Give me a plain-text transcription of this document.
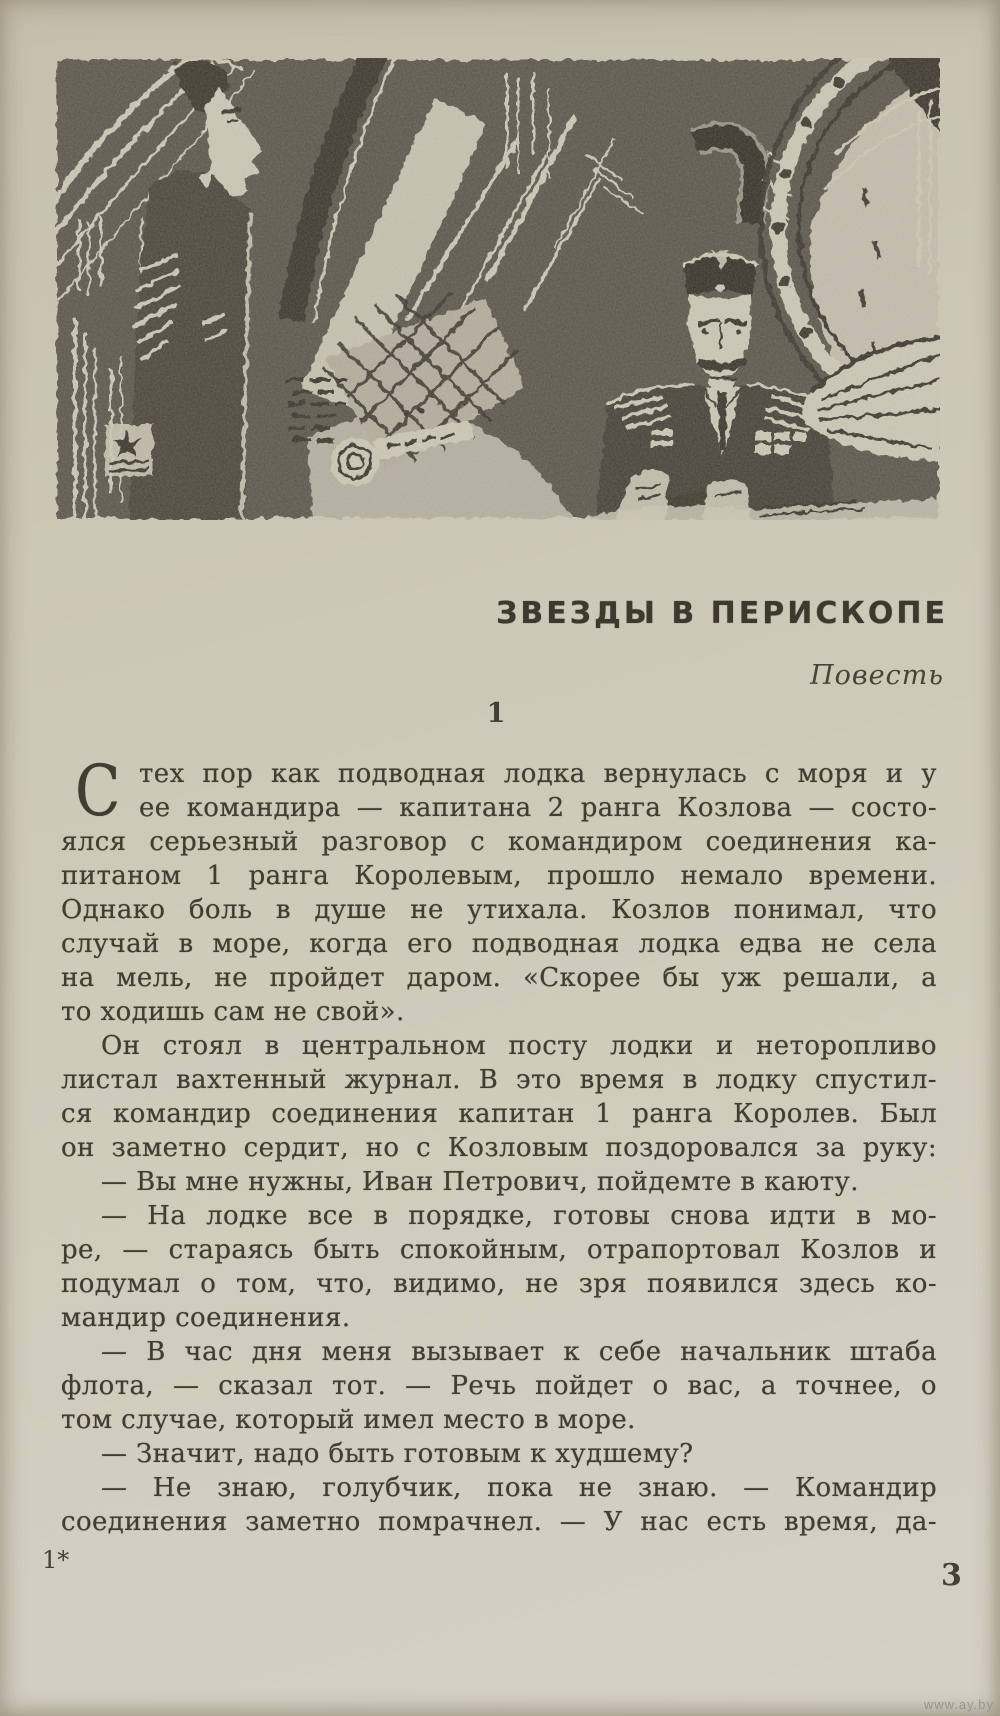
ЗВЕЗДЫ В ПЕРИСКОПЕ
Повесть
1
С тех пор как подводная лодка вернулась с моря и у
ее командира — капитана 2 ранга Козлова — состо-
ялся серьезный разговор с командиром соединения ка-
питаном 1 ранга Королевым, прошло немало времени.
Однако боль в душе не утихала. Козлов понимал, что
случай в море, когда его подводная лодка едва не села
на мель, не пройдет даром. «Скорее бы уж решали, а
то ходишь сам не свой».
Он стоял в центральном посту лодки и неторопливо
листал вахтенный журнал. В это время в лодку спустил-
ся командир соединения капитан 1 ранга Королев. Был
он заметно сердит, но с Козловым поздоровался за руку:
— Вы мне нужны, Иван Петрович, пойдемте в каюту.
— На лодке все в порядке, готовы снова идти в мо-
ре, — стараясь быть спокойным, отрапортовал Козлов и
подумал о том, что, видимо, не зря появился здесь ко-
мандир соединения.
— В час дня меня вызывает к себе начальник штаба
флота, — сказал тот. — Речь пойдет о вас, а точнее, о
том случае, который имел место в море.
— Значит, надо быть готовым к худшему?
— Не знаю, голубчик, пока не знаю. — Командир
соединения заметно помрачнел. — У нас есть время, да-
1*	3
www.ay.by
